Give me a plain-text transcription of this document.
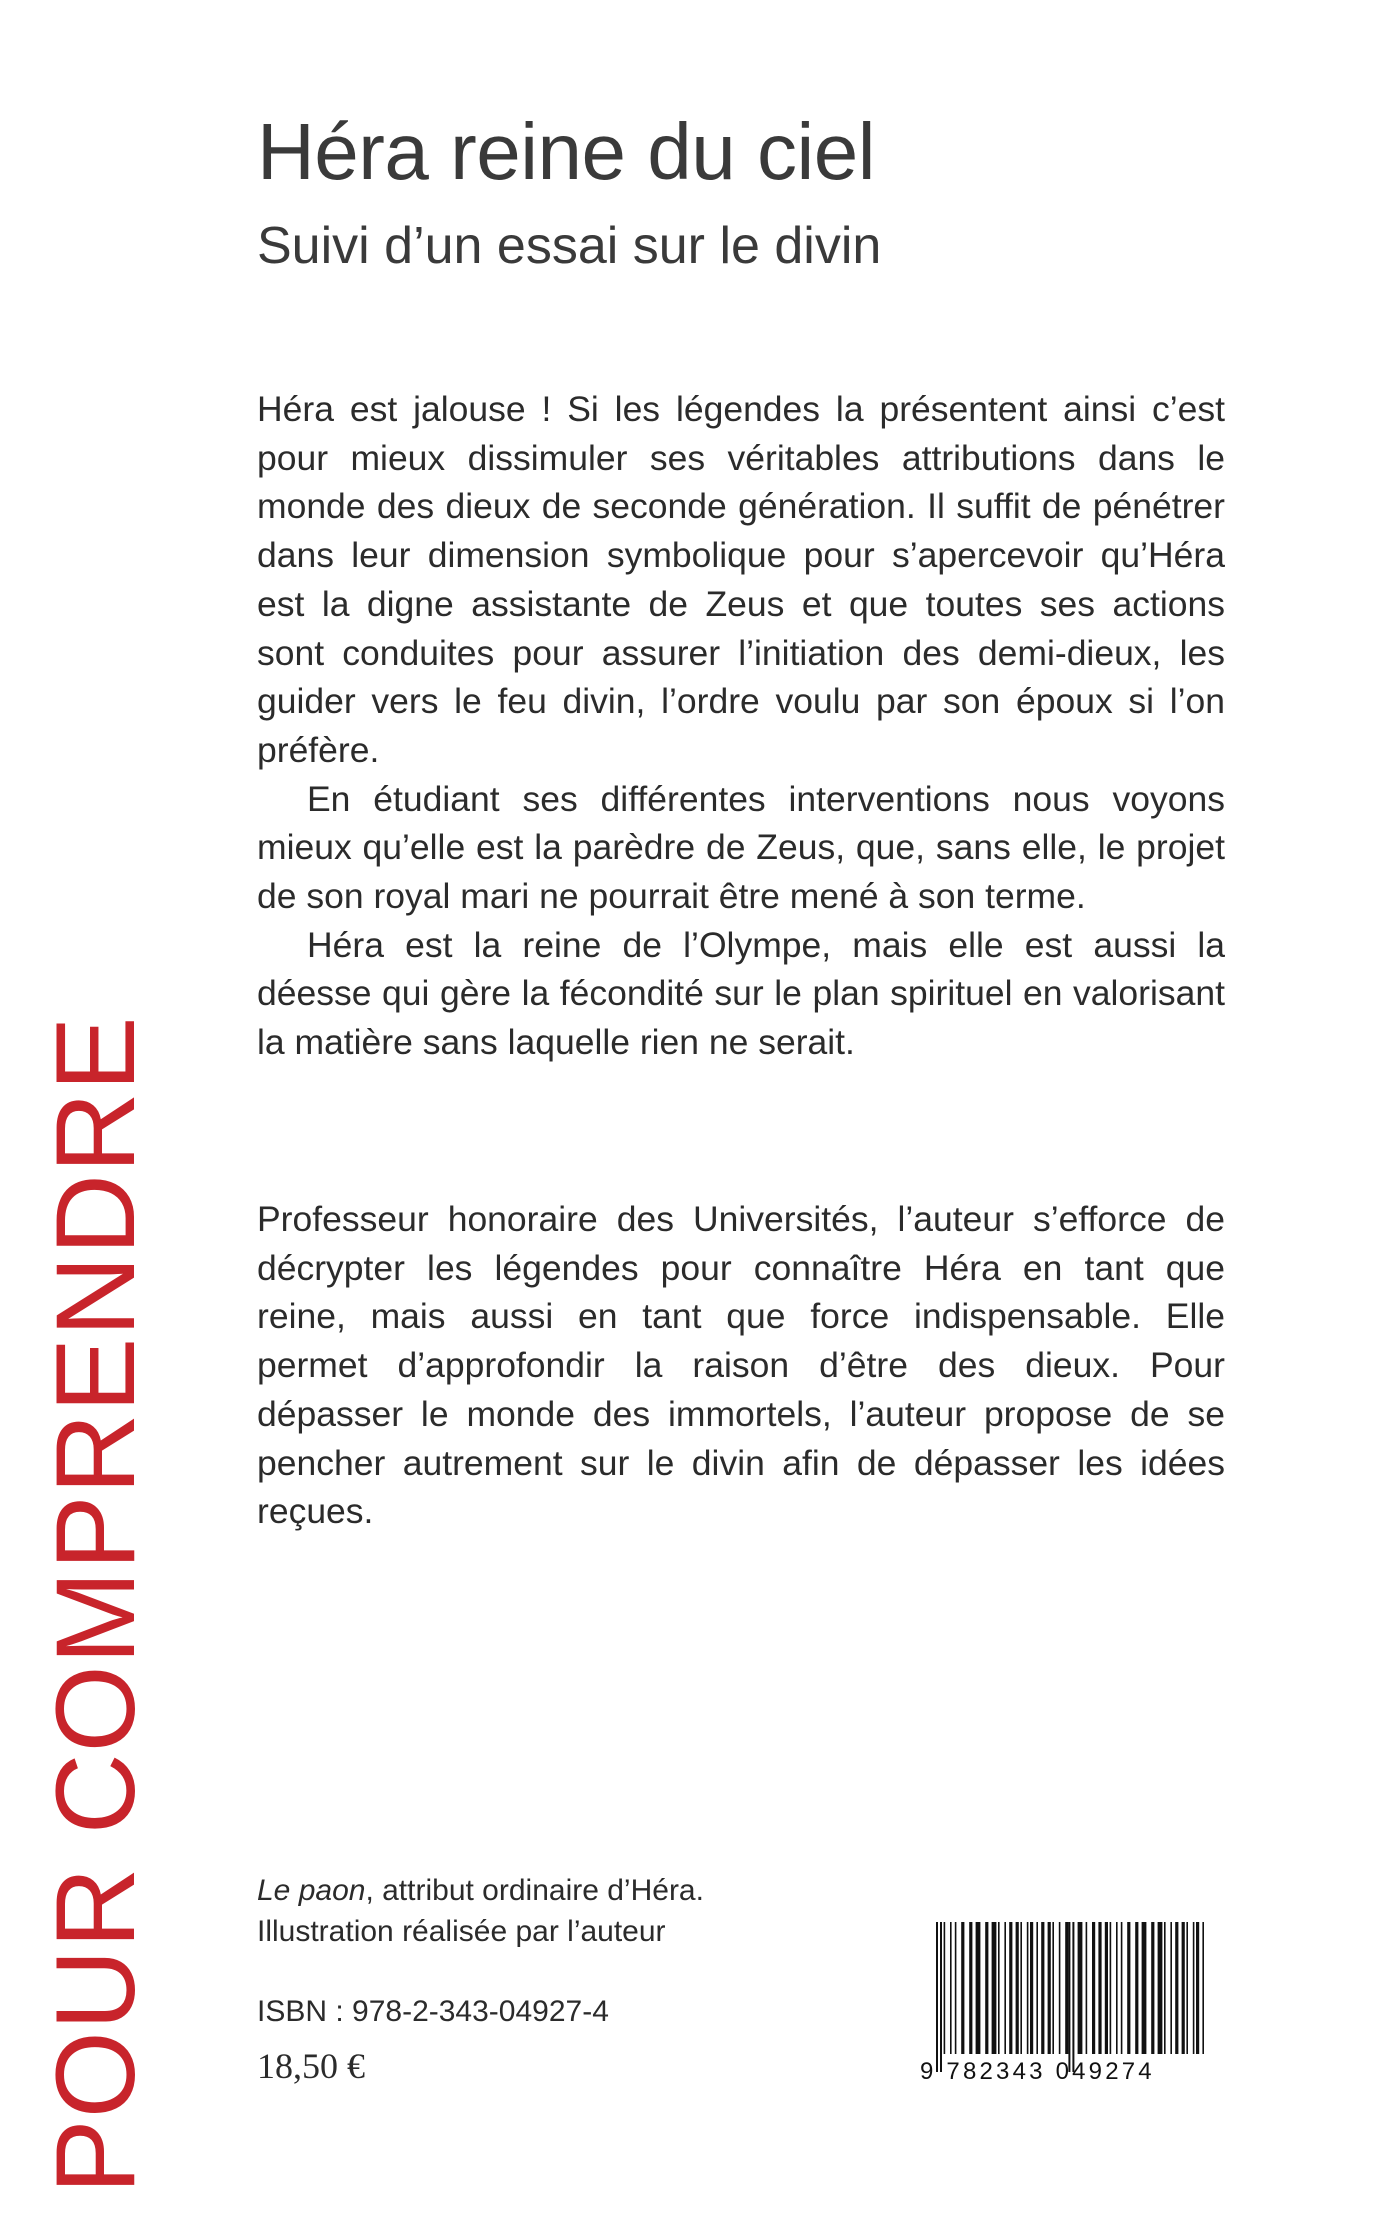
Héra reine du ciel
Suivi d’un essai sur le divin
POUR COMPRENDRE

Héra est jalouse ! Si les légendes la présentent ainsi c’est pour mieux dissimuler ses véritables attributions dans le monde des dieux de seconde génération. Il suffit de pénétrer dans leur dimension symbolique pour s’apercevoir qu’Héra est la digne assistante de Zeus et que toutes ses actions sont conduites pour assurer l’initiation des demi-dieux, les guider vers le feu divin, l’ordre voulu par son époux si l’on préfère.

En étudiant ses différentes interventions nous voyons mieux qu’elle est la parèdre de Zeus, que, sans elle, le projet de son royal mari ne pourrait être mené à son terme.

Héra est la reine de l’Olympe, mais elle est aussi la déesse qui gère la fécondité sur le plan spirituel en valorisant la matière sans laquelle rien ne serait.

Professeur honoraire des Universités, l’auteur s’efforce de décrypter les légendes pour connaître Héra en tant que reine, mais aussi en tant que force indispensable. Elle permet d’approfondir la raison d’être des dieux. Pour dépasser le monde des immortels, l’auteur propose de se pencher autrement sur le divin afin de dépasser les idées reçues.

Le paon, attribut ordinaire d’Héra.
Illustration réalisée par l’auteur
ISBN : 978-2-343-04927-4
18,50 €	9 782343 049274
